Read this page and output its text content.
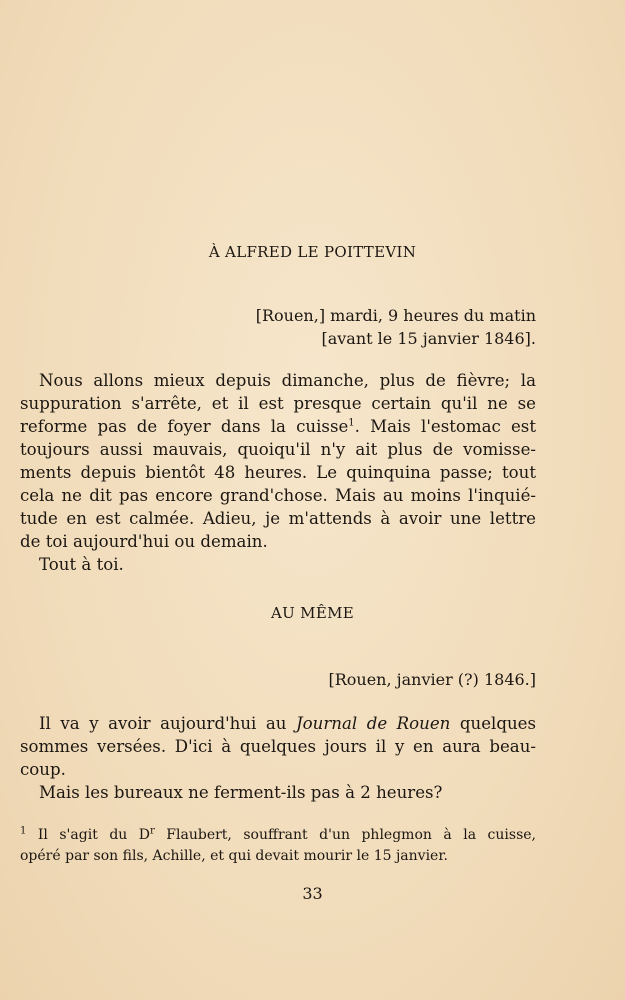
À ALFRED LE POITTEVIN
[Rouen,] mardi, 9 heures du matin
[avant le 15 janvier 1846].
Nous allons mieux depuis dimanche, plus de fièvre; la
suppuration s'arrête, et il est presque certain qu'il ne se
reforme pas de foyer dans la cuisse$^1$. Mais l'estomac est
toujours aussi mauvais, quoiqu'il n'y ait plus de vomisse-
ments depuis bientôt 48 heures. Le quinquina passe; tout
cela ne dit pas encore grand'chose. Mais au moins l'inquié-
tude en est calmée. Adieu, je m'attends à avoir une lettre
de toi aujourd'hui ou demain.
Tout à toi.
AU MÊME
[Rouen, janvier (?) 1846.]
Il va y avoir aujourd'hui au Journal de Rouen quelques
sommes versées. D'ici à quelques jours il y en aura beau-
coup.
Mais les bureaux ne ferment-ils pas à 2 heures?
$^1$ Il s'agit du $D^r$ Flaubert, souffrant d'un phlegmon à la cuisse,
opéré par son fils, Achille, et qui devait mourir le 15 janvier.
33
